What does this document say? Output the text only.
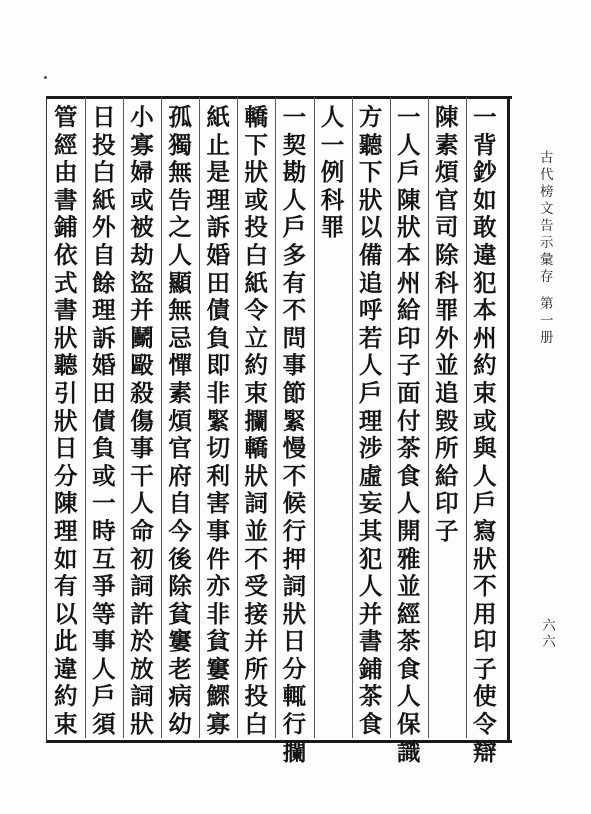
古代榜文告示彙存
第一册
六
六
一
背
鈔
如
敢
違
犯
本
州
約
束
或
與
人
戶
寫
狀
不
用
印
子
使
令
辯
陳
素
煩
官
司
除
科
罪
外
並
追
毀
所
給
印
子
一
人
戶
陳
狀
本
州
給
印
子
面
付
茶
食
人
開
雅
並
經
茶
食
人
保
識
方
聽
下
狀
以
備
追
呼
若
人
戶
理
涉
虛
妄
其
犯
人
并
書
鋪
茶
食
人
一
例
科
罪
一
契
勘
人
戶
多
有
不
問
事
節
緊
慢
不
候
行
押
詞
狀
日
分
輒
行
攔
轎
下
狀
或
投
白
紙
令
立
約
束
攔
轎
狀
詞
並
不
受
接
并
所
投
白
紙
止
是
理
訴
婚
田
債
負
即
非
緊
切
利
害
事
件
亦
非
貧
窶
鰥
寡
孤
獨
無
告
之
人
顯
無
忌
憚
素
煩
官
府
自
今
後
除
貧
窶
老
病
幼
小
寡
婦
或
被
劫
盜
并
鬭
毆
殺
傷
事
干
人
命
初
詞
許
於
放
詞
狀
日
投
白
紙
外
自
餘
理
訴
婚
田
債
負
或
一
時
互
爭
等
事
人
戶
須
管
經
由
書
鋪
依
式
書
狀
聽
引
狀
日
分
陳
理
如
有
以
此
違
約
束
